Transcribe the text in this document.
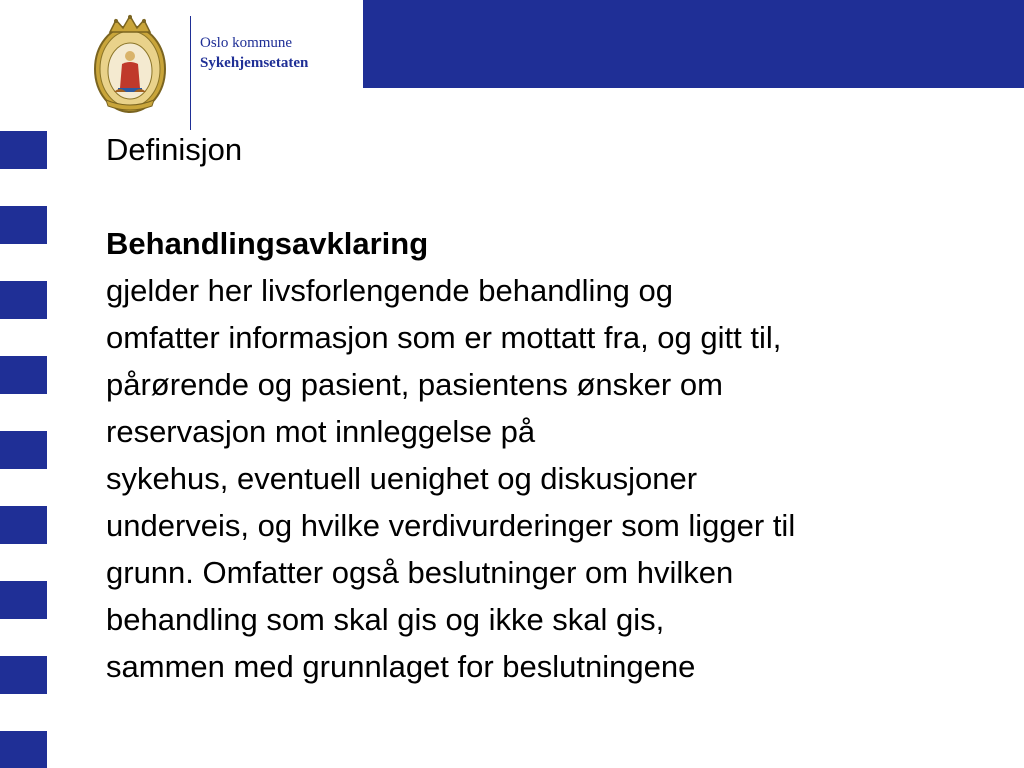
Oslo kommune
Sykehjemsetaten

Definisjon

Behandlingsavklaring

gjelder her livsforlengende behandling og

omfatter informasjon som er mottatt fra, og gitt til,

pårørende og pasient, pasientens ønsker om

reservasjon mot innleggelse på

sykehus, eventuell uenighet og diskusjoner

underveis, og hvilke verdivurderinger som ligger til

grunn. Omfatter også beslutninger om hvilken

behandling som skal gis og ikke skal gis,

sammen med grunnlaget for beslutningene
